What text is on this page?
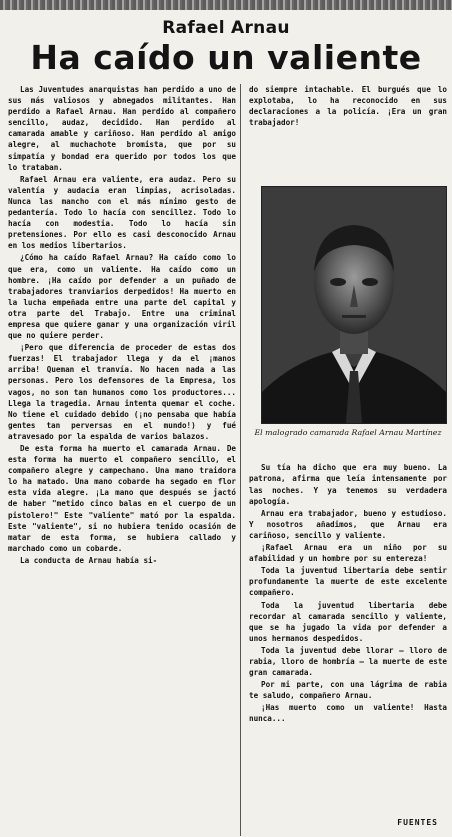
Rafael Arnau
Ha caído un valiente

Las Juventudes anarquistas han perdido a uno de sus más valiosos y abnegados militantes. Han perdido a Rafael Arnau. Han perdido al compañero sencillo, audaz, decidido. Han perdido al camarada amable y cariñoso. Han perdido al amigo alegre, al muchachote bromista, que por su simpatía y bondad era querido por todos los que lo trataban.

Rafael Arnau era valiente, era audaz. Pero su valentía y audacia eran limpias, acrisoladas. Nunca las mancho con el más mínimo gesto de pedantería. Todo lo hacía con sencillez. Todo lo hacía con modestia. Todo lo hacía sin pretensiones. Por ello es casi desconocido Arnau en los medios libertarios.

¿Cómo ha caído Rafael Arnau? Ha caído como lo que era, como un valiente. Ha caído como un hombre. ¡Ha caído por defender a un puñado de trabajadores tranviarios derpedidos! Ha muerto en la lucha empeñada entre una parte del capital y otra parte del Trabajo. Entre una criminal empresa que quiere ganar y una organización viril que no quiere perder.

¡Pero que diferencia de proceder de estas dos fuerzas! El trabajador llega y da el ¡manos arriba! Queman el tranvía. No hacen nada a las personas. Pero los defensores de la Empresa, los vagos, no son tan humanos como los productores... Llega la tragedia. Arnau intenta quemar el coche. No tiene el cuidado debido (¡no pensaba que había gentes tan perversas en el mundo!) y fué atravesado por la espalda de varios balazos.

De esta forma ha muerto el camarada Arnau. De esta forma ha muerto el compañero sencillo, el compañero alegre y campechano. Una mano traidora lo ha matado. Una mano cobarde ha segado en flor esta vida alegre. ¡La mano que después se jactó de haber "metido cinco balas en el cuerpo de un pistolero!" Este "valiente" mató por la espalda. Este "valiente", si no hubiera tenido ocasión de matar de esta forma, se hubiera callado y marchado como un cobarde.

La conducta de Arnau había si-

do siempre intachable. El burgués que lo explotaba, lo ha reconocido en sus declaraciones a la policía. ¡Era un gran trabajador!

El malogrado camarada Rafael Arnau Martínez

Su tía ha dicho que era muy bueno. La patrona, afirma que leía intensamente por las noches. Y ya tenemos su verdadera apología.

Arnau era trabajador, bueno y estudioso. Y nosotros añadimos, que Arnau era cariñoso, sencillo y valiente.

¡Rafael Arnau era un niño por su afabilidad y un hombre por su entereza!

Toda la juventud libertaria debe sentir profundamente la muerte de este excelente compañero.

Toda la juventud libertaria debe recordar al camarada sencillo y valiente, que se ha jugado la vida por defender a unos hermanos despedidos.

Toda la juventud debe llorar — lloro de rabia, lloro de hombría — la muerte de este gran camarada.

Por mi parte, con una lágrima de rabia te saludo, compañero Arnau.

¡Has muerto como un valiente! Hasta nunca...

FUENTES
